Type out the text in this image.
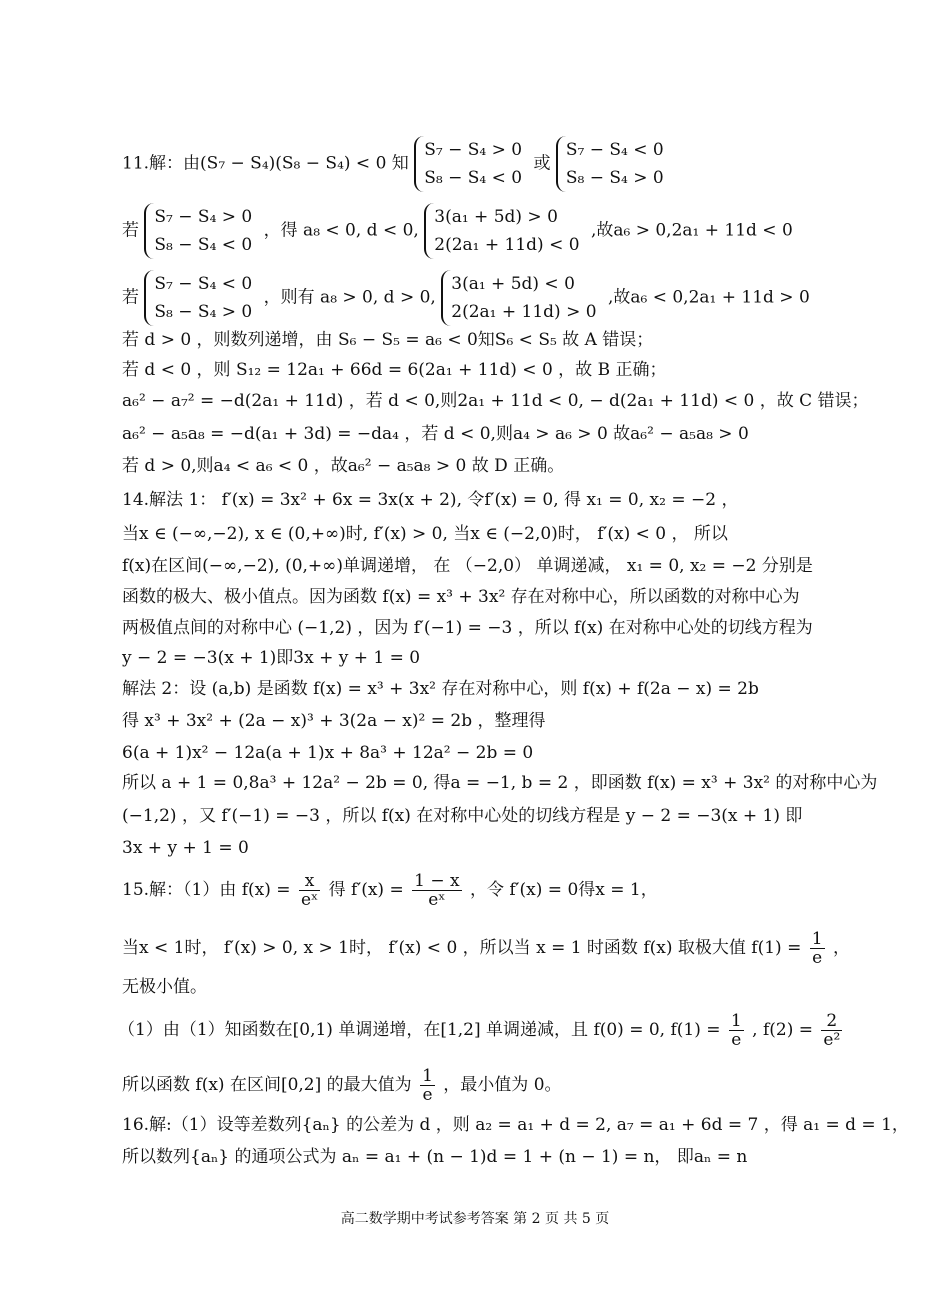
11.解：由(S₇ − S₄)(S₈ − S₄) < 0 知
S₇ − S₄ > 0
S₈ − S₄ < 0
或
S₇ − S₄ < 0
S₈ − S₄ > 0
若
S₇ − S₄ > 0
S₈ − S₄ < 0
，得 a₈ < 0, d < 0,
3(a₁ + 5d) > 0
2(2a₁ + 11d) < 0
,故a₆ > 0,2a₁ + 11d < 0
若
S₇ − S₄ < 0
S₈ − S₄ > 0
，则有 a₈ > 0, d > 0,
3(a₁ + 5d) < 0
2(2a₁ + 11d) > 0
,故a₆ < 0,2a₁ + 11d > 0
若 d > 0 ，则数列递增，由 S₆ − S₅ = a₆ < 0知S₆ < S₅ 故 A 错误；
若 d < 0 ，则 S₁₂ = 12a₁ + 66d = 6(2a₁ + 11d) < 0 ，故 B 正确；
a₆² − a₇² = −d(2a₁ + 11d) ，若 d < 0,则2a₁ + 11d < 0, − d(2a₁ + 11d) < 0 ，故 C 错误；
a₆² − a₅a₈ = −d(a₁ + 3d) = −da₄ ，若 d < 0,则a₄ > a₆ > 0 故a₆² − a₅a₈ > 0
若 d > 0,则a₄ < a₆ < 0 ，故a₆² − a₅a₈ > 0 故 D 正确。
14.解法 1： f′(x) = 3x² + 6x = 3x(x + 2), 令f′(x) = 0, 得 x₁ = 0, x₂ = −2 ，
当x ∈ (−∞,−2), x ∈ (0,+∞)时, f′(x) > 0, 当x ∈ (−2,0)时， f′(x) < 0 ， 所以
f(x)在区间(−∞,−2), (0,+∞)单调递增， 在 （−2,0） 单调递减， x₁ = 0, x₂ = −2 分别是
函数的极大、极小值点。因为函数 f(x) = x³ + 3x² 存在对称中心，所以函数的对称中心为
两极值点间的对称中心 (−1,2) ，因为 f′(−1) = −3 ，所以 f(x) 在对称中心处的切线方程为
y − 2 = −3(x + 1)即3x + y + 1 = 0
解法 2：设 (a,b) 是函数 f(x) = x³ + 3x² 存在对称中心，则 f(x) + f(2a − x) = 2b
得 x³ + 3x² + (2a − x)³ + 3(2a − x)² = 2b ，整理得
6(a + 1)x² − 12a(a + 1)x + 8a³ + 12a² − 2b = 0
所以 a + 1 = 0,8a³ + 12a² − 2b = 0, 得a = −1, b = 2 ，即函数 f(x) = x³ + 3x² 的对称中心为
(−1,2) ，又 f′(−1) = −3 ，所以 f(x) 在对称中心处的切线方程是 y − 2 = −3(x + 1) 即
3x + y + 1 = 0
15.解：（1）由 $f(x) = \frac{x}{\text{eˣ}}$ 得 $f'(x) = \frac{1 - x}{\text{eˣ}}$ ，令 f′(x) = 0得x = 1，
当x < 1时， f′(x) > 0, x > 1时， f′(x) < 0 ，所以当 x = 1 时函数 f(x) 取极大值 $f(1) = \frac{1}{e}$ ，
无极小值。
（1）由（1）知函数在[0,1) 单调递增，在[1,2] 单调递减，且 f(0) = 0, $f(1) = \frac{1}{e}$ , $f(2) = \frac{2}{\text{e²}}$
所以函数 f(x) 在区间[0,2] 的最大值为 $\frac{1}{e}$ ，最小值为 0。
16.解:（1）设等差数列{aₙ} 的公差为 d ，则 a₂ = a₁ + d = 2, a₇ = a₁ + 6d = 7 ，得 a₁ = d = 1，
所以数列{aₙ} 的通项公式为 aₙ = a₁ + (n − 1)d = 1 + (n − 1) = n， 即aₙ = n
高二数学期中考试参考答案 第 2 页 共 5 页
